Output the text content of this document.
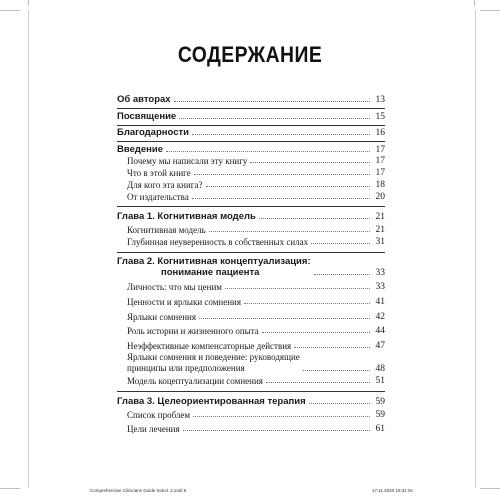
СОДЕРЖАНИЕ
Об авторах	13
Посвящение	15
Благодарности	16
Введение	17
Почему мы написали эту книгу	17
Что в этой книге	17
Для кого эта книга?	18
От издательства	20
Глава 1. Когнитивная модель	21
Когнитивная модель	21
Глубинная неуверенность в собственных силах	31
Глава 2. Когнитивная концептуализация:
понимание пациента	33
Личность: что мы ценим	33
Ценности и ярлыки сомнения	41
Ярлыки сомнения	42
Роль истории и жизненного опыта	44
Неэффективные компенсаторные действия	47
Ярлыки сомнения и поведение: руководящие
принципы или предположения	48
Модель коцептуализации сомнения	51
Глава 3. Целеориентированная терапия	59
Список проблем	59
Цели лечения	61
Comprehensive Clinicians Guide Sokol .2.indd 6	17.11.2020 19:31:0x
